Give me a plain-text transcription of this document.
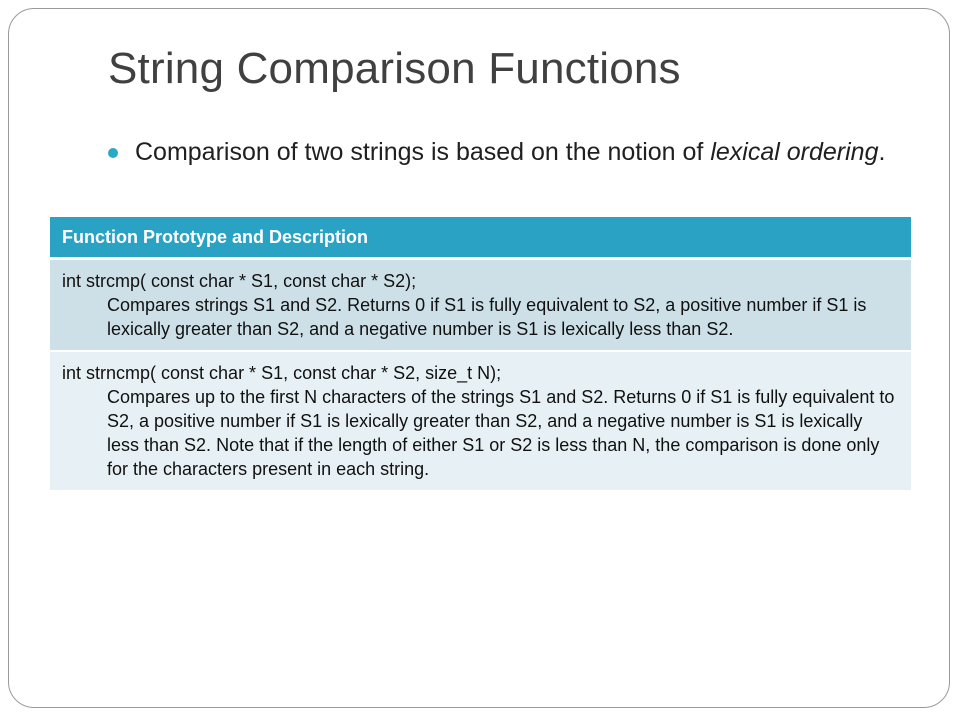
String Comparison Functions
Comparison of two strings is based on the notion of lexical ordering.
Function Prototype and Description

int strcmp( const char * S1, const char * S2);
Compares strings S1 and S2. Returns 0 if S1 is fully equivalent to S2, a positive number if S1 is lexically greater than S2, and a negative number is S1 is lexically less than S2.

int strncmp( const char * S1, const char * S2, size_t N);
Compares up to the first N characters of the strings S1 and S2. Returns 0 if S1 is fully equivalent to S2, a positive number if S1 is lexically greater than S2, and a negative number is S1 is lexically less than S2. Note that if the length of either S1 or S2 is less than N, the comparison is done only for the characters present in each string.
